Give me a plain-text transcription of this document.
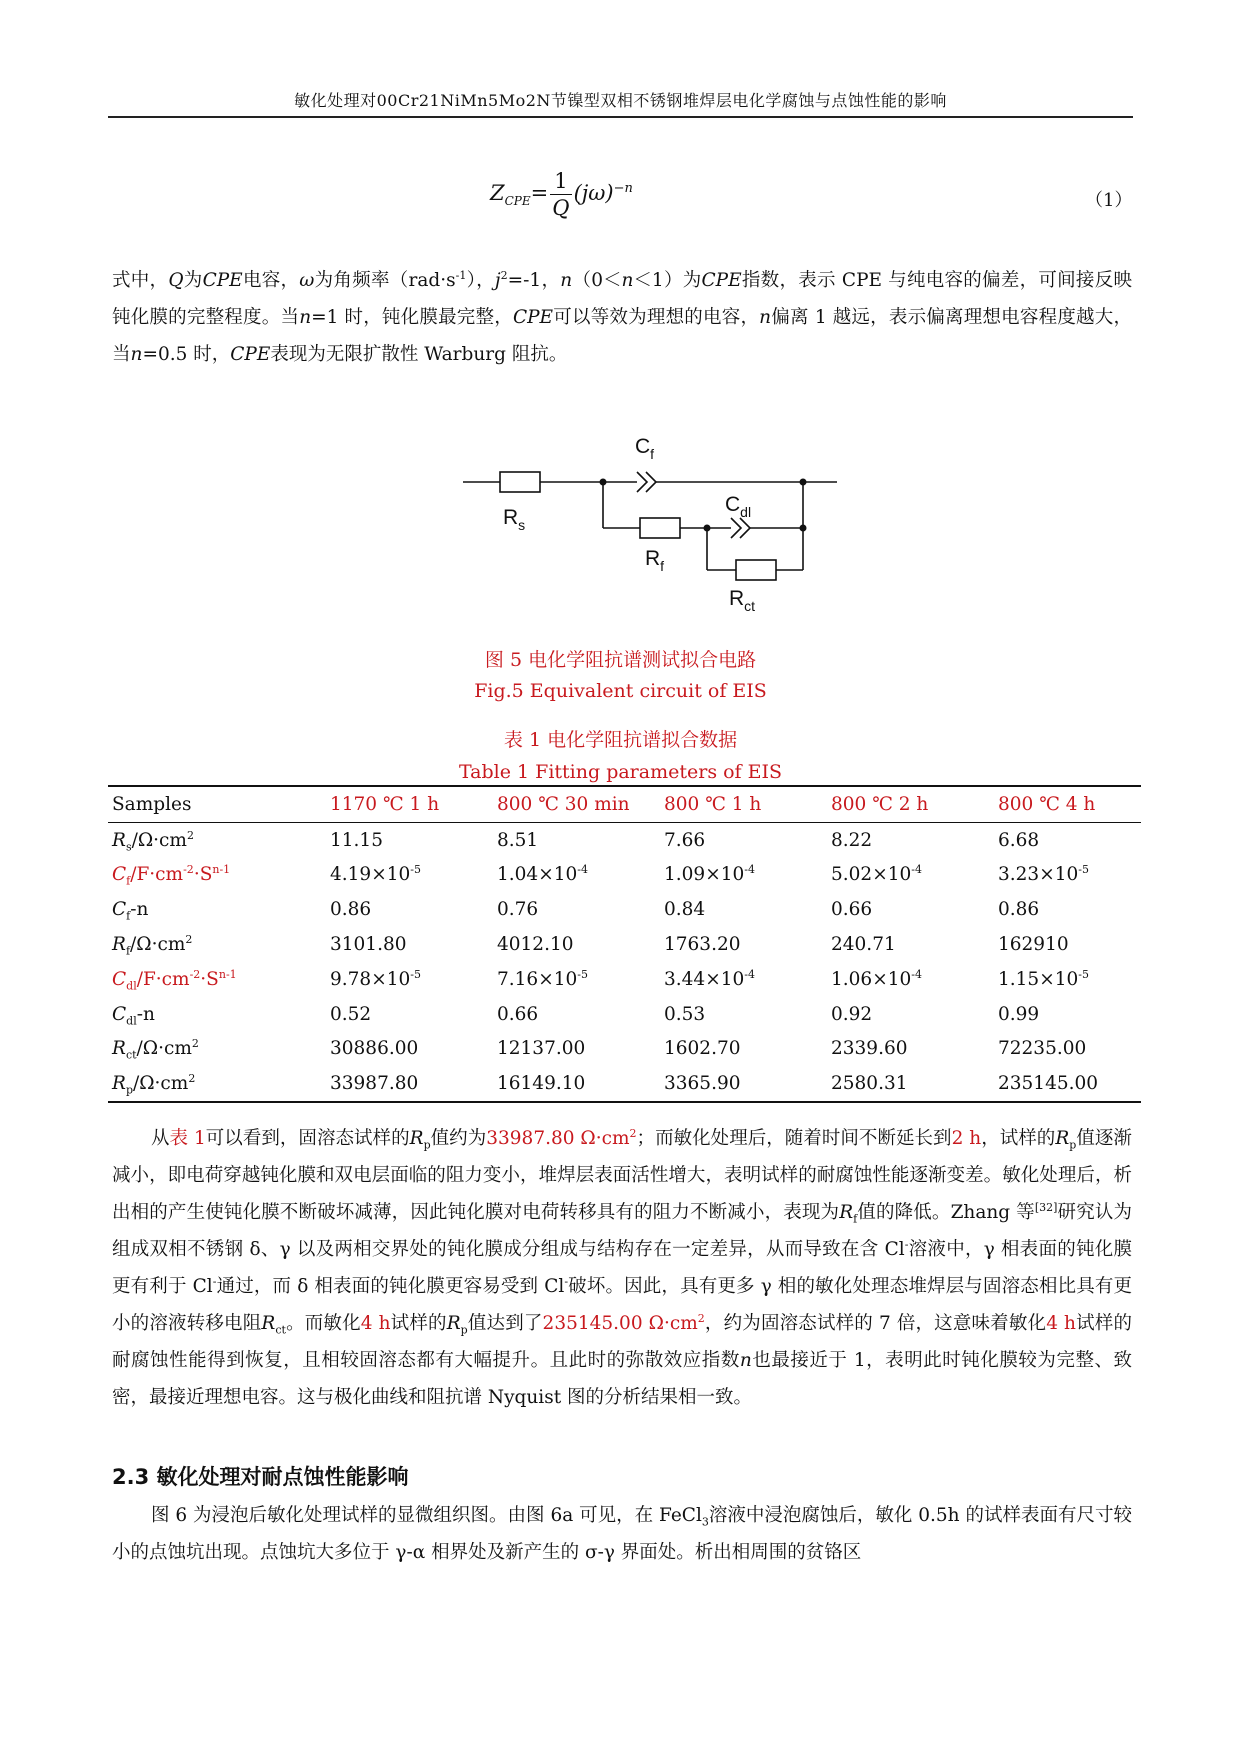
敏化处理对00Cr21NiMn5Mo2N节镍型双相不锈钢堆焊层电化学腐蚀与点蚀性能的影响
$Z_{CPE}= \frac{1}{Q} (j\omega)^{-n}$
（1）
式中，Q为CPE电容，ω为角频率$(rad\cdot s^{-1})$，$j^2=-1$，n（0＜n＜1）为CPE指数，表示 CPE 与纯电容的偏差，可间接反映钝化膜的完整程度。当n=1 时，钝化膜最完整，CPE可以等效为理想的电容，n偏离 1 越远，表示偏离理想电容程度越大，当n=0.5 时，CPE表现为无限扩散性 Warburg 阻抗。
$C_f$
$C_{dl}$
$R_s$
$R_f$
$R_{ct}$
图 5 电化学阻抗谱测试拟合电路
Fig.5 Equivalent circuit of EIS
表 1 电化学阻抗谱拟合数据
Table 1 Fitting parameters of EIS
Samples	1170 ℃ 1 h	800 ℃ 30 min	800 ℃ 1 h	800 ℃ 2 h	800 ℃ 4 h
$R_s/\Omega\cdot cm^2$	11.15	8.51	7.66	8.22	6.68
$C_f/F\cdot cm^{-2}\cdot S^{n-1}$	$4.19\times 10^{-5}$	$1.04\times 10^{-4}$	$1.09\times 10^{-4}$	$5.02\times 10^{-4}$	$3.23\times 10^{-5}$
$C_f-n$	0.86	0.76	0.84	0.66	0.86
$R_f/\Omega\cdot cm^2$	3101.80	4012.10	1763.20	240.71	162910
$C_{dl}/F\cdot cm^{-2}\cdot S^{n-1}$	$9.78\times 10^{-5}$	$7.16\times 10^{-5}$	$3.44\times 10^{-4}$	$1.06\times 10^{-4}$	$1.15\times 10^{-5}$
$C_{dl}-n$	0.52	0.66	0.53	0.92	0.99
$R_{ct}/\Omega\cdot cm^2$	30886.00	12137.00	1602.70	2339.60	72235.00
$R_p/\Omega\cdot cm^2$	33987.80	16149.10	3365.90	2580.31	235145.00
从表 1可以看到，固溶态试样的$R_p$值约为33987.80 $\Omega\cdot cm^2$；而敏化处理后，随着时间不断延长到2 h，试样的$R_p$值逐渐减小，即电荷穿越钝化膜和双电层面临的阻力变小，堆焊层表面活性增大，表明试样的耐腐蚀性能逐渐变差。敏化处理后，析出相的产生使钝化膜不断破坏减薄，因此钝化膜对电荷转移具有的阻力不断减小，表现为$R_f$值的降低。Zhang 等[32]研究认为组成双相不锈钢 δ、γ 以及两相交界处的钝化膜成分组成与结构存在一定差异，从而导致在含 Cl-溶液中，γ 相表面的钝化膜更有利于 Cl-通过，而 δ 相表面的钝化膜更容易受到 Cl-破坏。因此，具有更多 γ 相的敏化处理态堆焊层与固溶态相比具有更小的溶液转移电阻$R_{ct}$。而敏化4 h试样的$R_p$值达到了235145.00 $\Omega\cdot cm^2$，约为固溶态试样的 7 倍，这意味着敏化4 h试样的耐腐蚀性能得到恢复，且相较固溶态都有大幅提升。且此时的弥散效应指数n也最接近于 1，表明此时钝化膜较为完整、致密，最接近理想电容。这与极化曲线和阻抗谱 Nyquist 图的分析结果相一致。
2.3 敏化处理对耐点蚀性能影响
图 6 为浸泡后敏化处理试样的显微组织图。由图 6a 可见，在 FeCl$_3$溶液中浸泡腐蚀后，敏化 0.5h 的试样表面有尺寸较小的点蚀坑出现。点蚀坑大多位于 γ-α 相界处及新产生的 σ-γ 界面处。析出相周围的贫铬区
